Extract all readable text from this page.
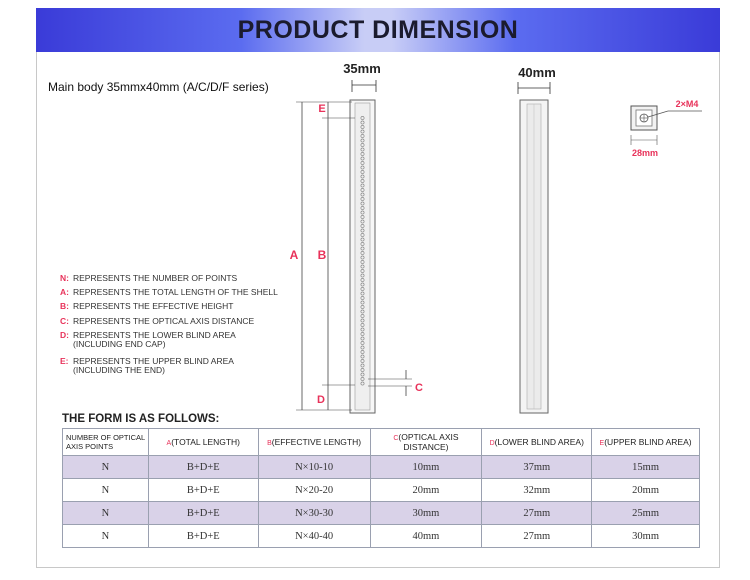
PRODUCT DIMENSION
Main body 35mmx40mm (A/C/D/F series)
35mm
A B
E
D
C
40mm
2×M4
28mm
N: REPRESENTS THE NUMBER OF POINTS
A: REPRESENTS THE TOTAL LENGTH OF THE SHELL
B: REPRESENTS THE EFFECTIVE HEIGHT
C: REPRESENTS THE OPTICAL AXIS DISTANCE
D: REPRESENTS THE LOWER BLIND AREA
(INCLUDING END CAP)
E: REPRESENTS THE UPPER BLIND AREA
(INCLUDING THE END)
THE FORM IS AS FOLLOWS:
NUMBER OF OPTICAL AXIS POINTS	A(TOTAL LENGTH)	B(EFFECTIVE LENGTH)	C(OPTICAL AXIS DISTANCE)	D(LOWER BLIND AREA)	E(UPPER BLIND AREA)
N	B+D+E	N×10-10	10mm	37mm	15mm
N	B+D+E	N×20-20	20mm	32mm	20mm
N	B+D+E	N×30-30	30mm	27mm	25mm
N	B+D+E	N×40-40	40mm	27mm	30mm
